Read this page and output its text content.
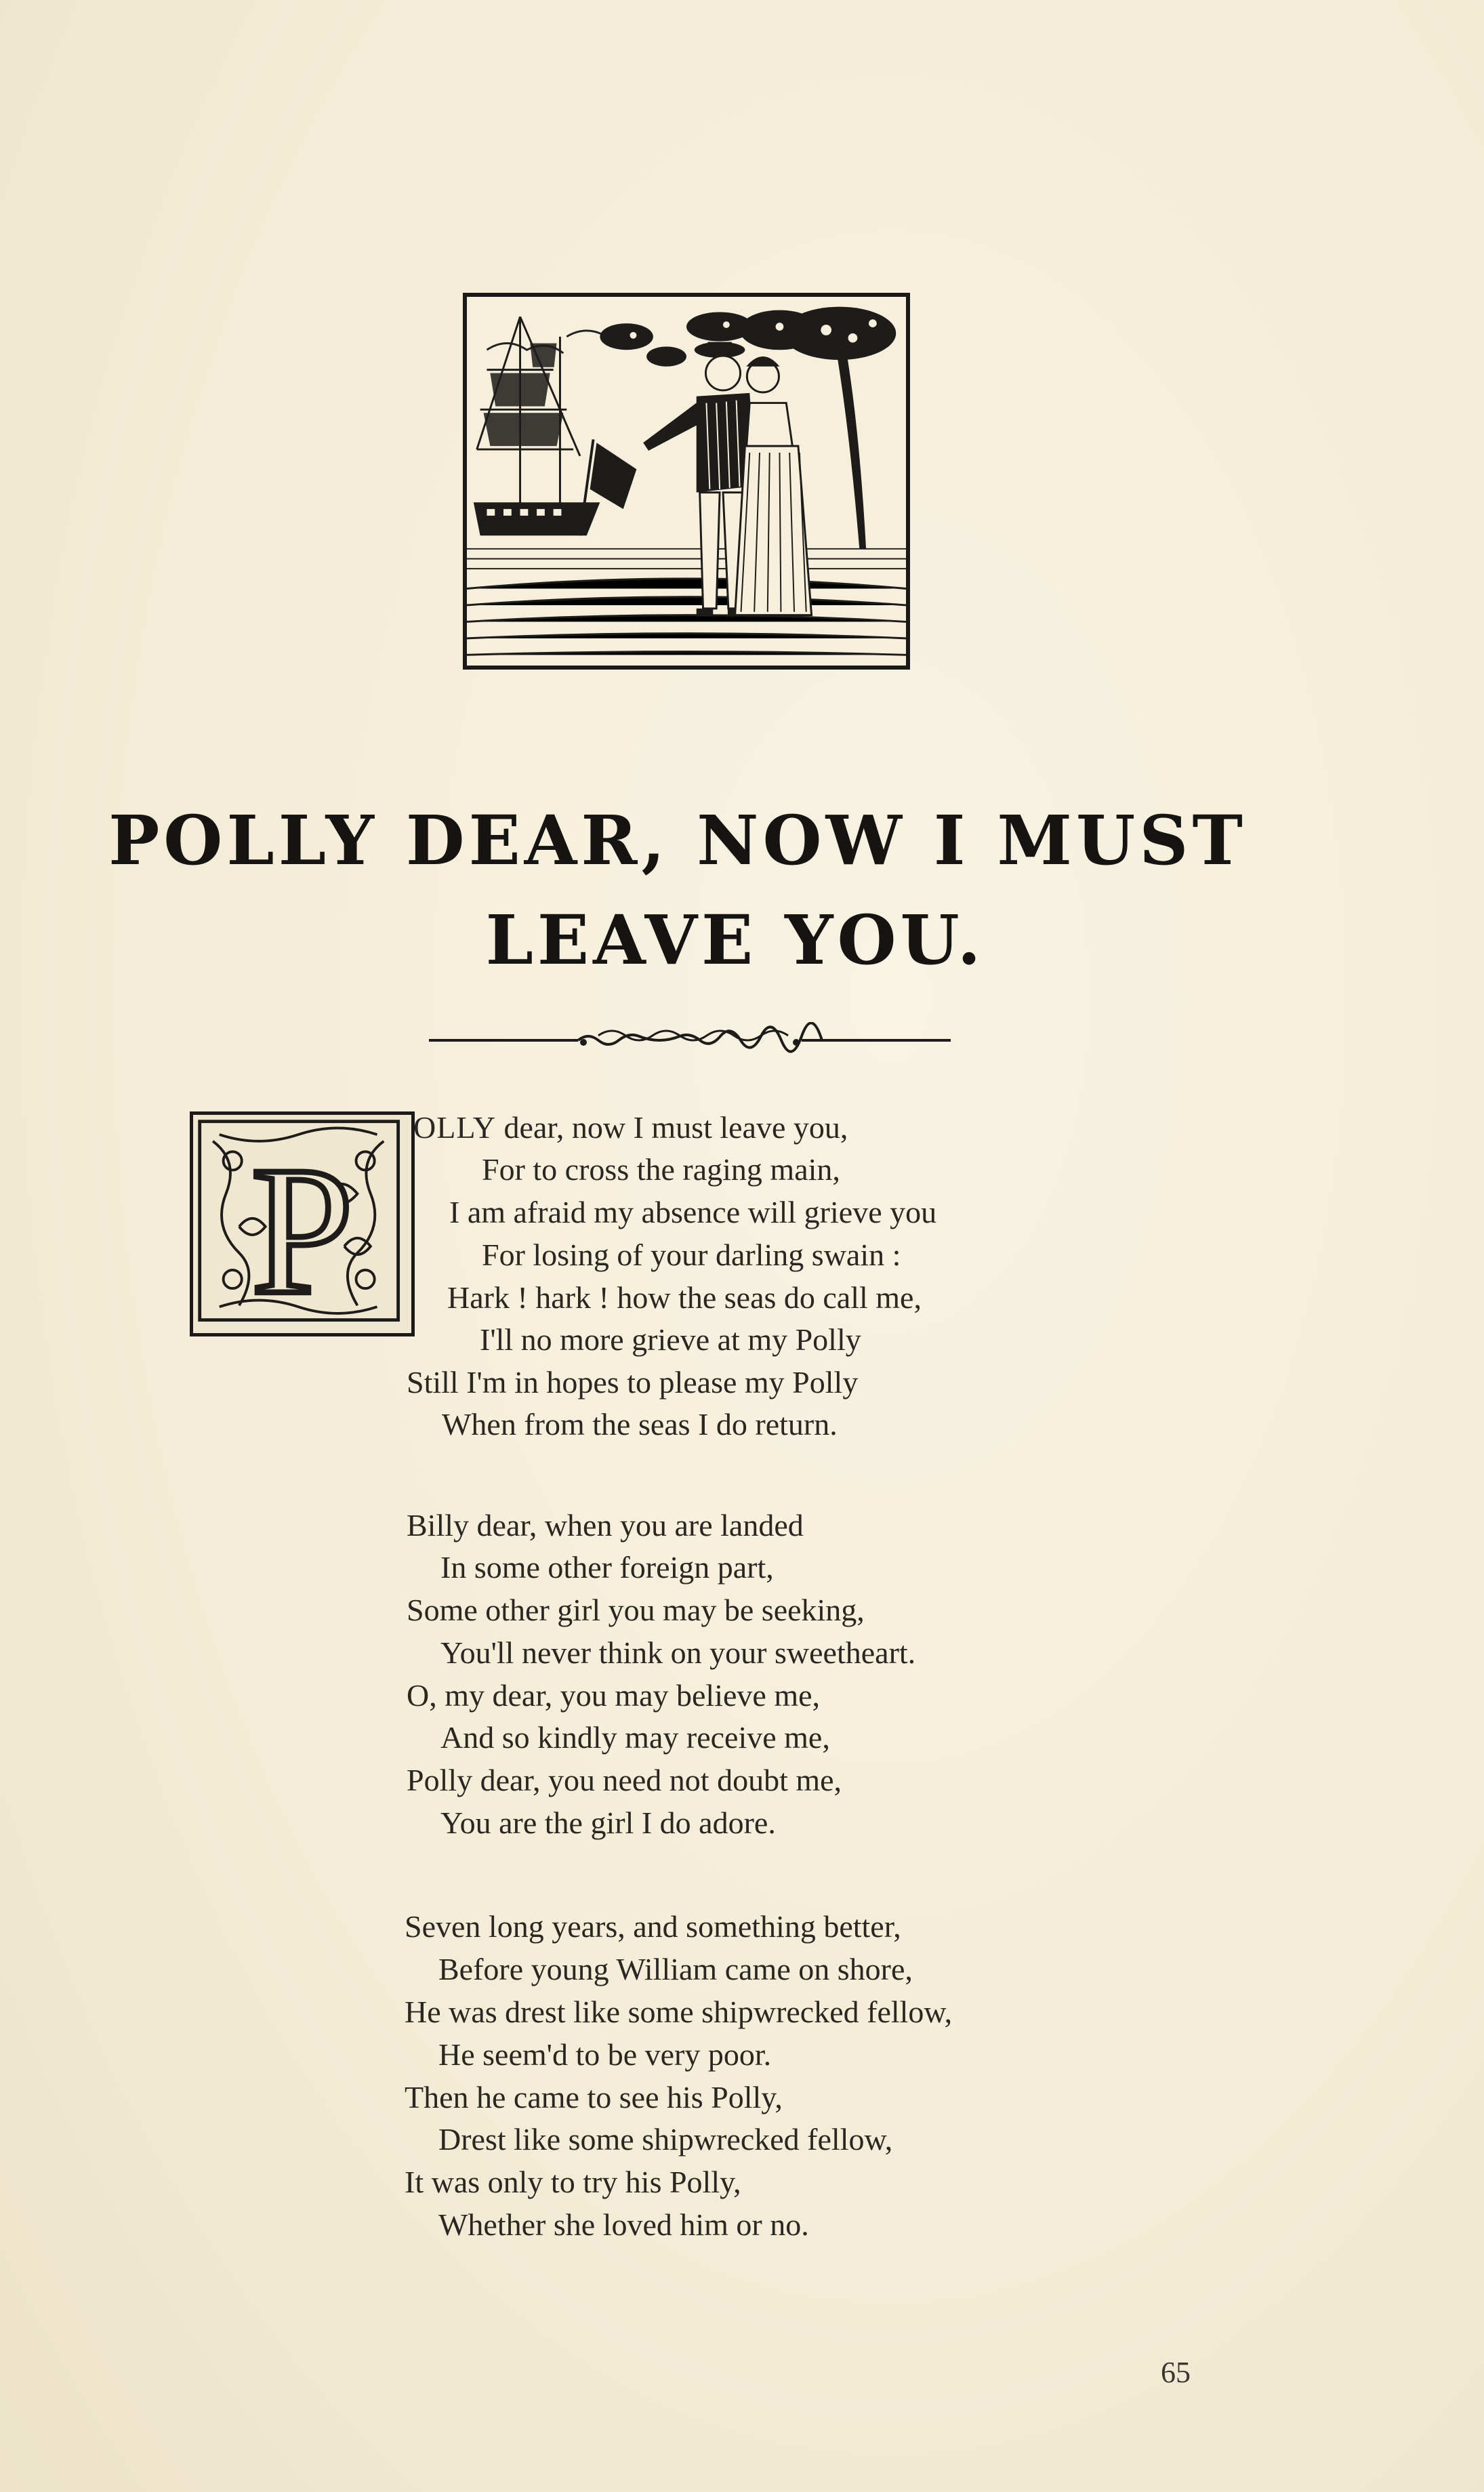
POLLY DEAR, NOW I MUST
LEAVE YOU.
P
OLLY dear, now I must leave you,
For to cross the raging main,
I am afraid my absence will grieve you
For losing of your darling swain :
Hark ! hark ! how the seas do call me,
I'll no more grieve at my Polly
Still I'm in hopes to please my Polly
When from the seas I do return.
Billy dear, when you are landed
In some other foreign part,
Some other girl you may be seeking,
You'll never think on your sweetheart.
O, my dear, you may believe me,
And so kindly may receive me,
Polly dear, you need not doubt me,
You are the girl I do adore.
Seven long years, and something better,
Before young William came on shore,
He was drest like some shipwrecked fellow,
He seem'd to be very poor.
Then he came to see his Polly,
Drest like some shipwrecked fellow,
It was only to try his Polly,
Whether she loved him or no.
65
